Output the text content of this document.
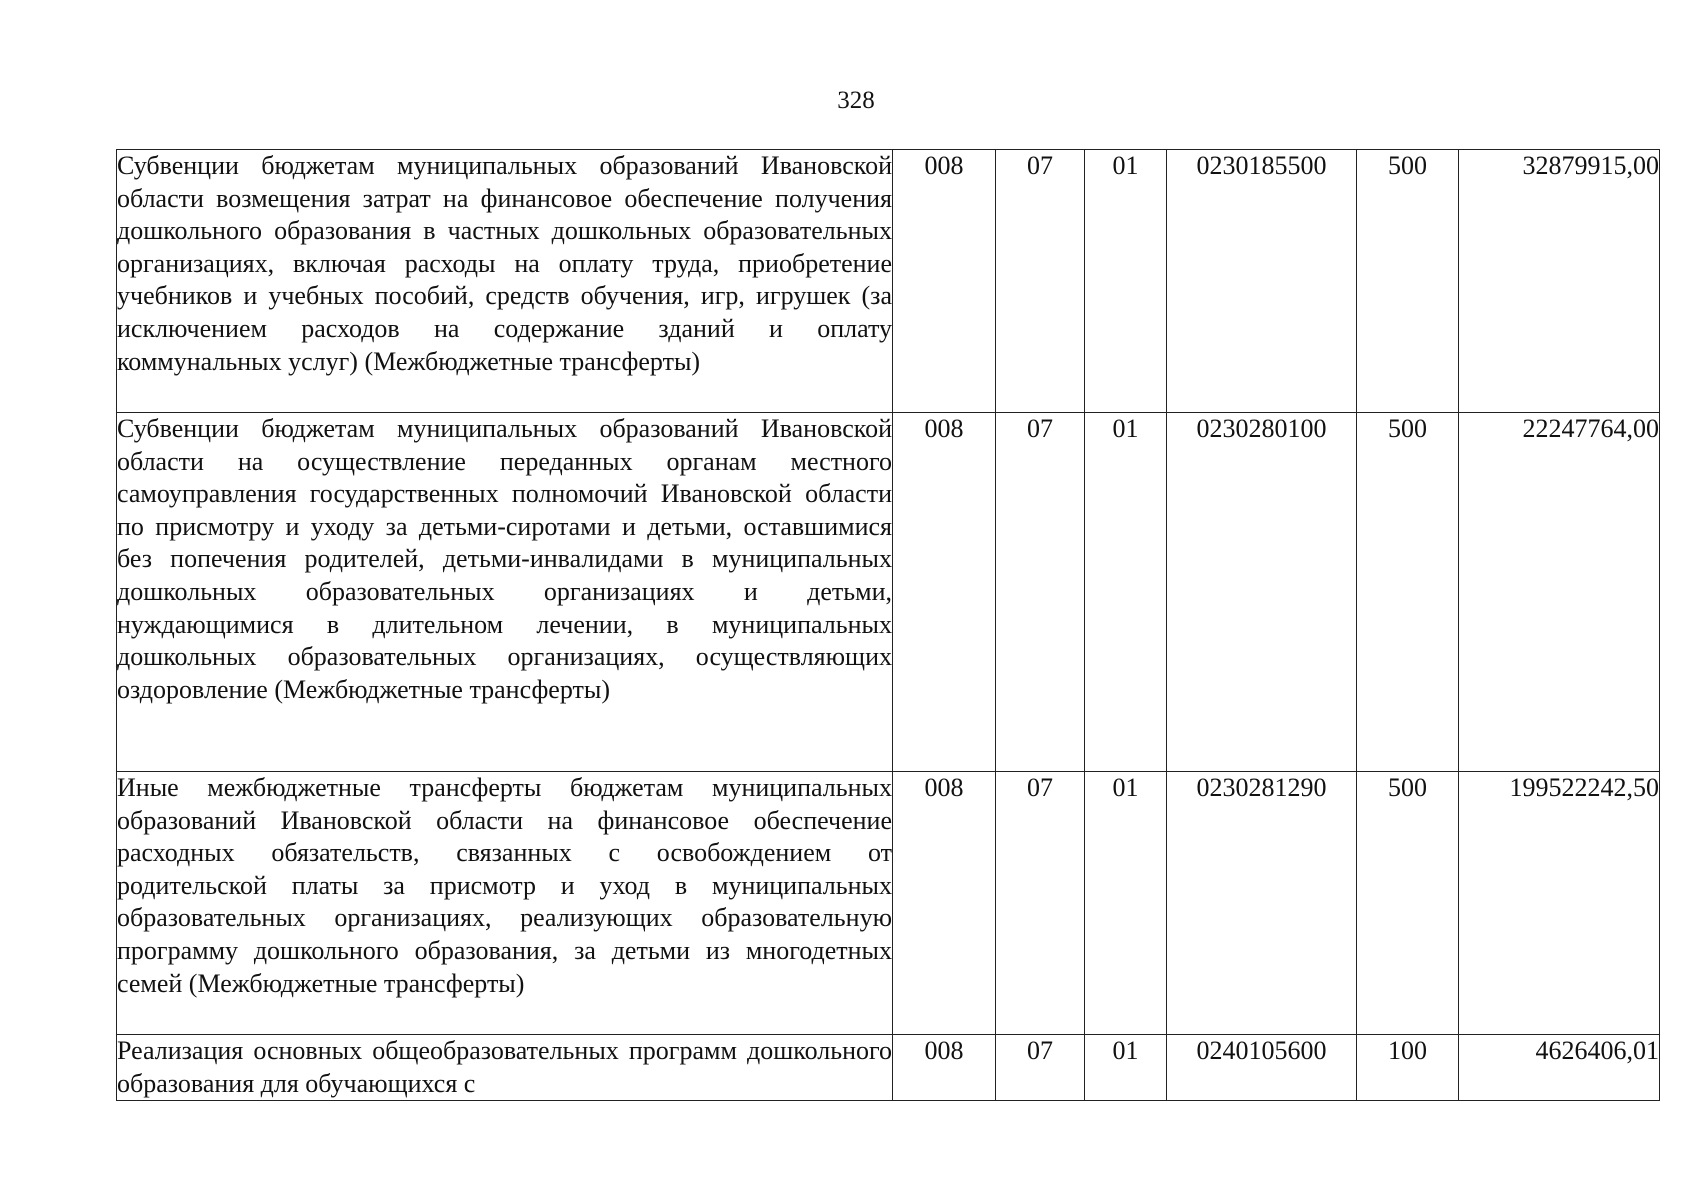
328
Субвенции бюджетам муниципальных образований Ивановской области возмещения затрат на финансовое обеспечение получения дошкольного образования в частных дошкольных образовательных организациях, включая расходы на оплату труда, приобретение учебников и учебных пособий, средств обучения, игр, игрушек (за исключением расходов на содержание зданий и оплату коммунальных услуг) (Межбюджетные трансферты)	008	07	01	0230185500	500	32879915,00
Субвенции бюджетам муниципальных образований Ивановской области на осуществление переданных органам местного самоуправления государственных полномочий Ивановской области по присмотру и уходу за детьми-сиротами и детьми, оставшимися без попечения родителей, детьми-инвалидами в муниципальных дошкольных образовательных организациях и детьми, нуждающимися в длительном лечении, в муниципальных дошкольных образовательных организациях, осуществляющих оздоровление (Межбюджетные трансферты)	008	07	01	0230280100	500	22247764,00
Иные межбюджетные трансферты бюджетам муниципальных образований Ивановской области на финансовое обеспечение расходных обязательств, связанных с освобождением от родительской платы за присмотр и уход в муниципальных образовательных организациях, реализующих образовательную программу дошкольного образования, за детьми из многодетных семей (Межбюджетные трансферты)	008	07	01	0230281290	500	199522242,50
Реализация основных общеобразовательных программ дошкольного образования для обучающихся с	008	07	01	0240105600	100	4626406,01
